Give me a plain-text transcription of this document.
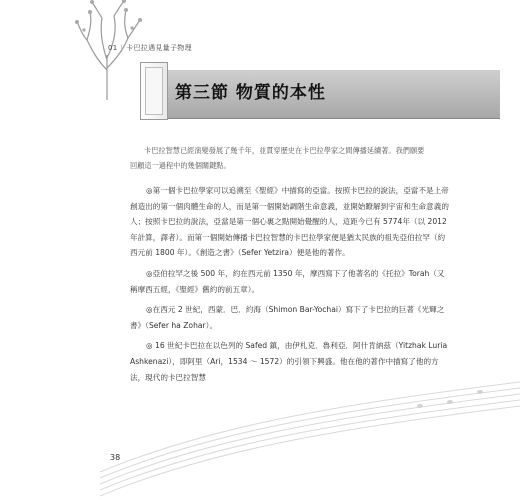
01 | 卡巴拉遇見量子物理
第三節 物質的本性
卡巴拉智慧已經演變發展了幾千年，並貫穿歷史在卡巴拉學家之間傳播延續著。我們願要回顧這一過程中的幾個關鍵點。

◎第一個卡巴拉學家可以追溯至《聖經》中描寫的亞當。按照卡巴拉的說法，亞當不是上帝創造出的第一個肉體生命的人，而是第一個開始調階生命意義，並開始瞭解到宇宙和生命意義的人；按照卡巴拉的說法，亞當是第一個心裏之點開始覺醒的人，這距今已有 5774年（以 2012 年計算，譯者）。而第一個開始傳播卡巴拉智慧的卡巴拉學家便是猶太民族的祖先亞伯拉罕（約西元前 1800 年）。《創造之書》（Sefer Yetzira）便是他的著作。

◎亞伯拉罕之後 500 年，約在西元前 1350 年，摩西寫下了他著名的《托拉》Torah（又稱摩西五經，《聖經》舊約的前五章）。

◎在西元 2 世紀，西蒙．巴．約海（Shimon Bar-Yochai）寫下了卡巴拉的巨著《光輝之書》（Sefer ha Zohar）。

◎ 16 世紀卡巴拉在以色列的 Safed 鎮，由伊札克．魯利亞．阿什肯納茲（Yitzhak Luria Ashkenazi），即阿里（Ari，1534 ～ 1572）的引領下興盛。他在他的著作中描寫了他的方法，現代的卡巴拉智慧

38
